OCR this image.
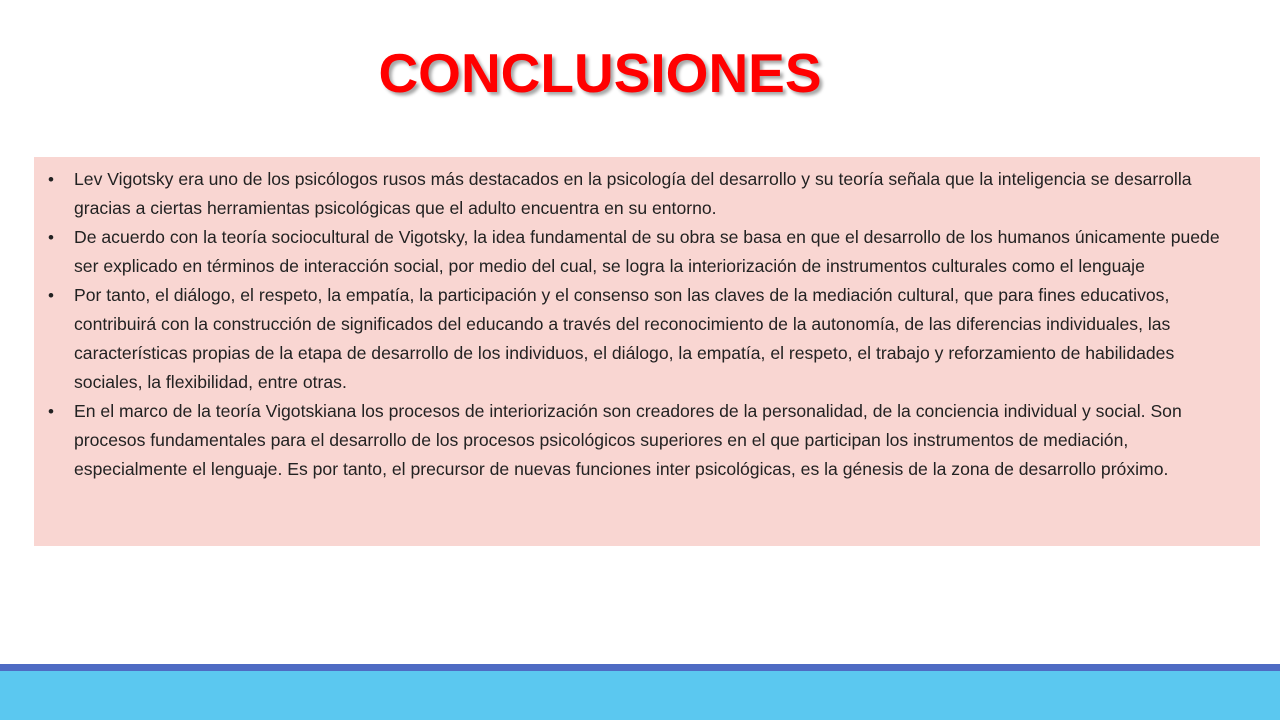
CONCLUSIONES
• Lev Vigotsky era uno de los psicólogos rusos más destacados en la psicología del desarrollo y su teoría señala que la inteligencia se desarrolla gracias a ciertas herramientas psicológicas que el adulto encuentra en su entorno.
• De acuerdo con la teoría sociocultural de Vigotsky, la idea fundamental de su obra se basa en que el desarrollo de los humanos únicamente puede ser explicado en términos de interacción social, por medio del cual, se logra la interiorización de instrumentos culturales como el lenguaje
• Por tanto, el diálogo, el respeto, la empatía, la participación y el consenso son las claves de la mediación cultural, que para fines educativos, contribuirá con la construcción de significados del educando a través del reconocimiento de la autonomía, de las diferencias individuales, las características propias de la etapa de desarrollo de los individuos, el diálogo, la empatía, el respeto, el trabajo y reforzamiento de habilidades sociales, la flexibilidad, entre otras.
• En el marco de la teoría Vigotskiana los procesos de interiorización son creadores de la personalidad, de la conciencia individual y social. Son procesos fundamentales para el desarrollo de los procesos psicológicos superiores en el que participan los instrumentos de mediación, especialmente el lenguaje. Es por tanto, el precursor de nuevas funciones inter psicológicas, es la génesis de la zona de desarrollo próximo.
